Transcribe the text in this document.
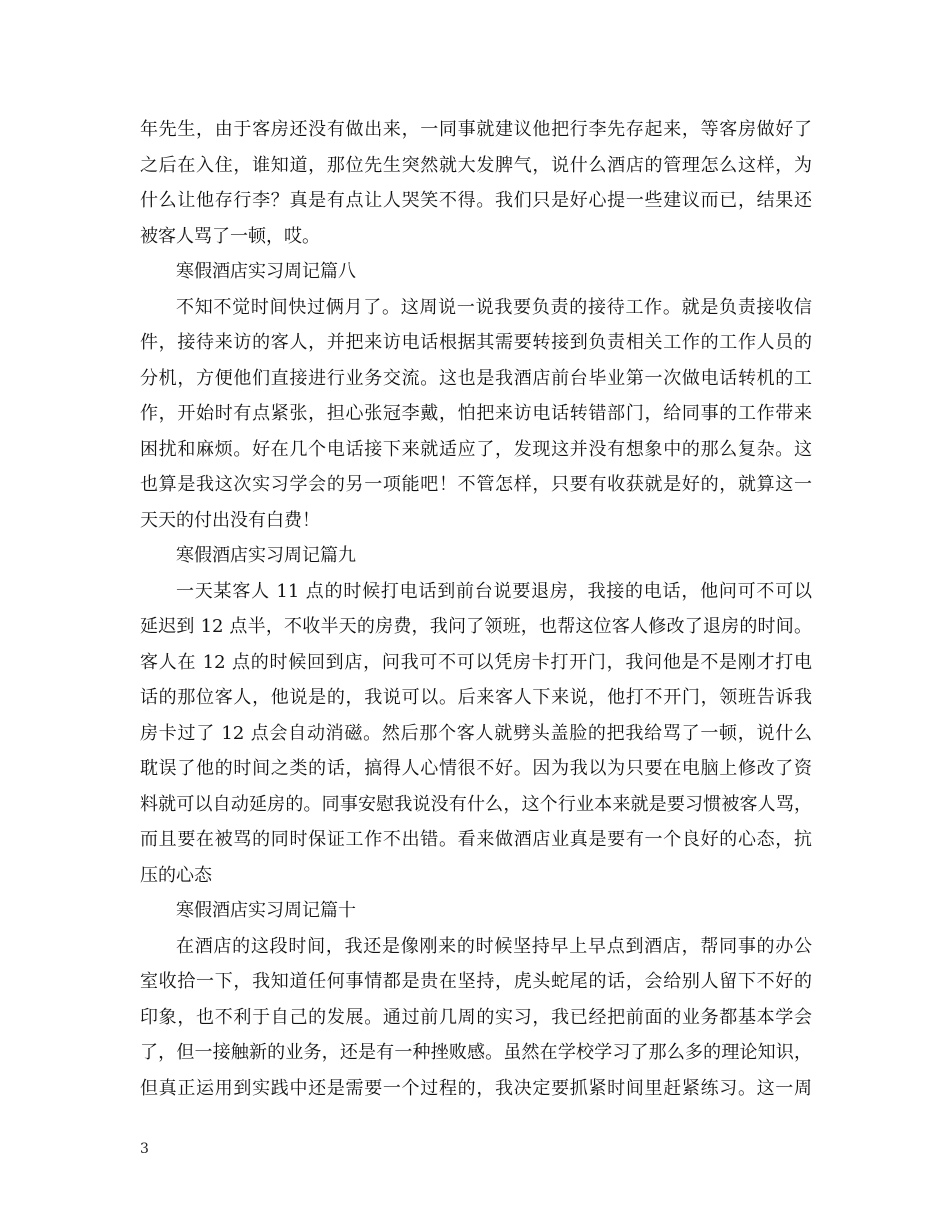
年先生，由于客房还没有做出来，一同事就建议他把行李先存起来，等客房做好了
之后在入住，谁知道，那位先生突然就大发脾气，说什么酒店的管理怎么这样，为
什么让他存行李？真是有点让人哭笑不得。我们只是好心提一些建议而已，结果还
被客人骂了一顿，哎。
寒假酒店实习周记篇八
不知不觉时间快过俩月了。这周说一说我要负责的接待工作。就是负责接收信
件，接待来访的客人，并把来访电话根据其需要转接到负责相关工作的工作人员的
分机，方便他们直接进行业务交流。这也是我酒店前台毕业第一次做电话转机的工
作，开始时有点紧张，担心张冠李戴，怕把来访电话转错部门，给同事的工作带来
困扰和麻烦。好在几个电话接下来就适应了，发现这并没有想象中的那么复杂。这
也算是我这次实习学会的另一项能吧！不管怎样，只要有收获就是好的，就算这一
天天的付出没有白费！
寒假酒店实习周记篇九
一天某客人 11 点的时候打电话到前台说要退房，我接的电话，他问可不可以
延迟到 12 点半，不收半天的房费，我问了领班，也帮这位客人修改了退房的时间。
客人在 12 点的时候回到店，问我可不可以凭房卡打开门，我问他是不是刚才打电
话的那位客人，他说是的，我说可以。后来客人下来说，他打不开门，领班告诉我
房卡过了 12 点会自动消磁。然后那个客人就劈头盖脸的把我给骂了一顿，说什么
耽误了他的时间之类的话，搞得人心情很不好。因为我以为只要在电脑上修改了资
料就可以自动延房的。同事安慰我说没有什么，这个行业本来就是要习惯被客人骂，
而且要在被骂的同时保证工作不出错。看来做酒店业真是要有一个良好的心态，抗
压的心态
寒假酒店实习周记篇十
在酒店的这段时间，我还是像刚来的时候坚持早上早点到酒店，帮同事的办公
室收拾一下，我知道任何事情都是贵在坚持，虎头蛇尾的话，会给别人留下不好的
印象，也不利于自己的发展。通过前几周的实习，我已经把前面的业务都基本学会
了，但一接触新的业务，还是有一种挫败感。虽然在学校学习了那么多的理论知识，
但真正运用到实践中还是需要一个过程的，我决定要抓紧时间里赶紧练习。这一周
3
